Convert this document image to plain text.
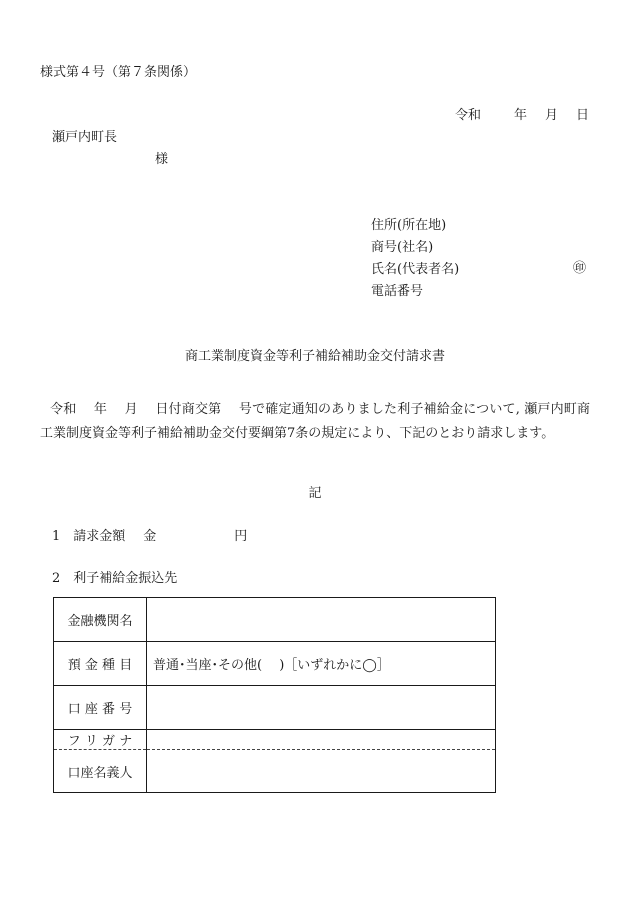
様式第４号（第７条関係）
令和	年 月 日
瀬戸内町長
様
住所(所在地)
商号(社名)
氏名(代表者名)	㊞
電話番号
商工業制度資金等利子補給補助金交付請求書
令和　 年　 月　 日付商交第　 号で確定通知のありました利子補給金について, 瀬戸内町商工業制度資金等利子補給補助金交付要綱第7条の規定により、下記のとおり請求します。
記
1　請求金額 金	円
2　利子補給金振込先
金融機関名	
預 金 種 目	普通･当座･その他(　 )［いずれかに◯］
口 座 番 号	
フ リ ガ ナ	
口座名義人	
